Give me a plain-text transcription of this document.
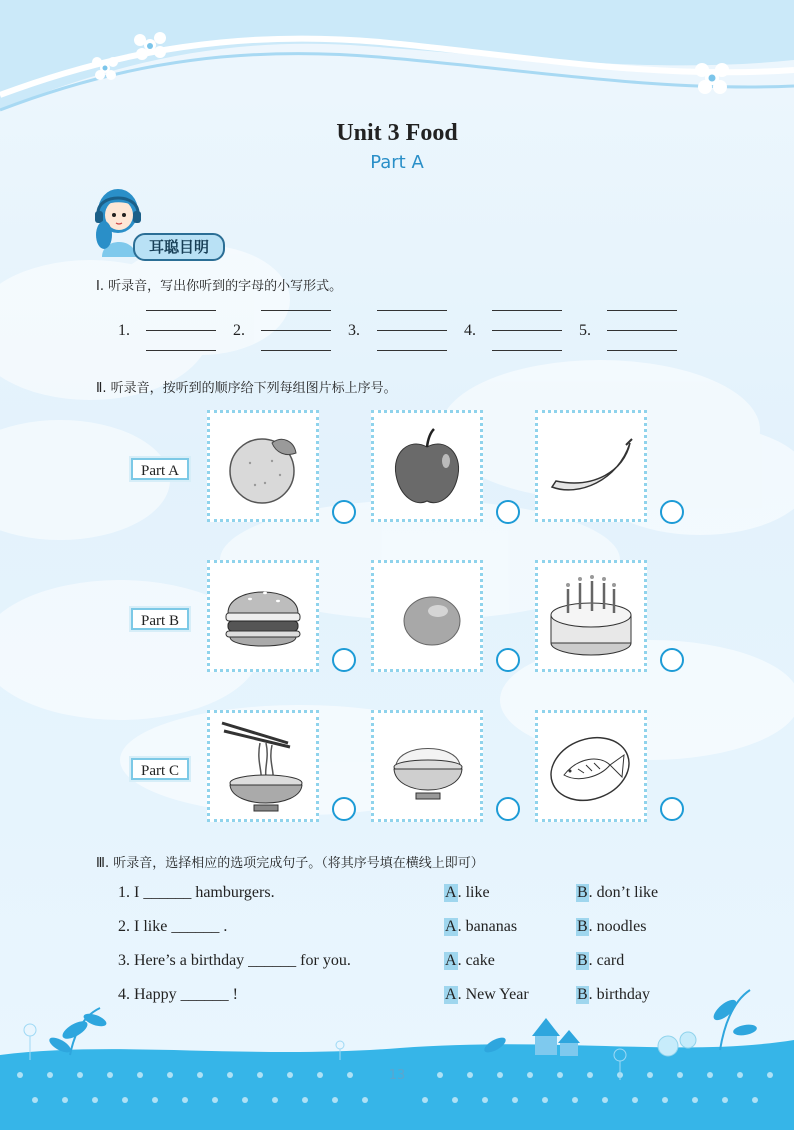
Unit 3 Food
Part A
耳聪目明
Ⅰ. 听录音，写出你听到的字母的小写形式。
1.	2.	3.	4.	5.
Ⅱ. 听录音，按听到的顺序给下列每组图片标上序号。
Part A
Part B
Part C
Ⅲ. 听录音，选择相应的选项完成句子。（将其序号填在横线上即可）
1. I ______ hamburgers.	A. like	B. don’t like
2. I like ______ .	A. bananas	B. noodles
3. Here’s a birthday ______ for you.	A. cake	B. card
4. Happy ______ !	A. New Year	B. birthday
13
